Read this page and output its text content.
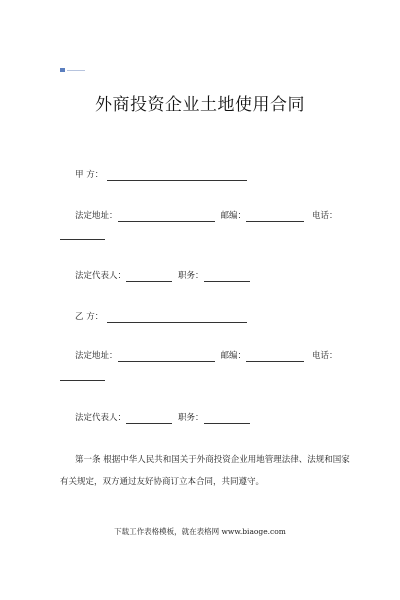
外商投资企业土地使用合同
甲 方：
法定地址：	邮编：	电话：
法定代表人：	职务：
乙 方：
法定地址：	邮编：	电话：
法定代表人：	职务：
第一条 根据中华人民共和国关于外商投资企业用地管理法律、法规和国家有关规定，双方通过友好协商订立本合同，共同遵守。
下载工作表格模板，就在表格网 www.biaoge.com
